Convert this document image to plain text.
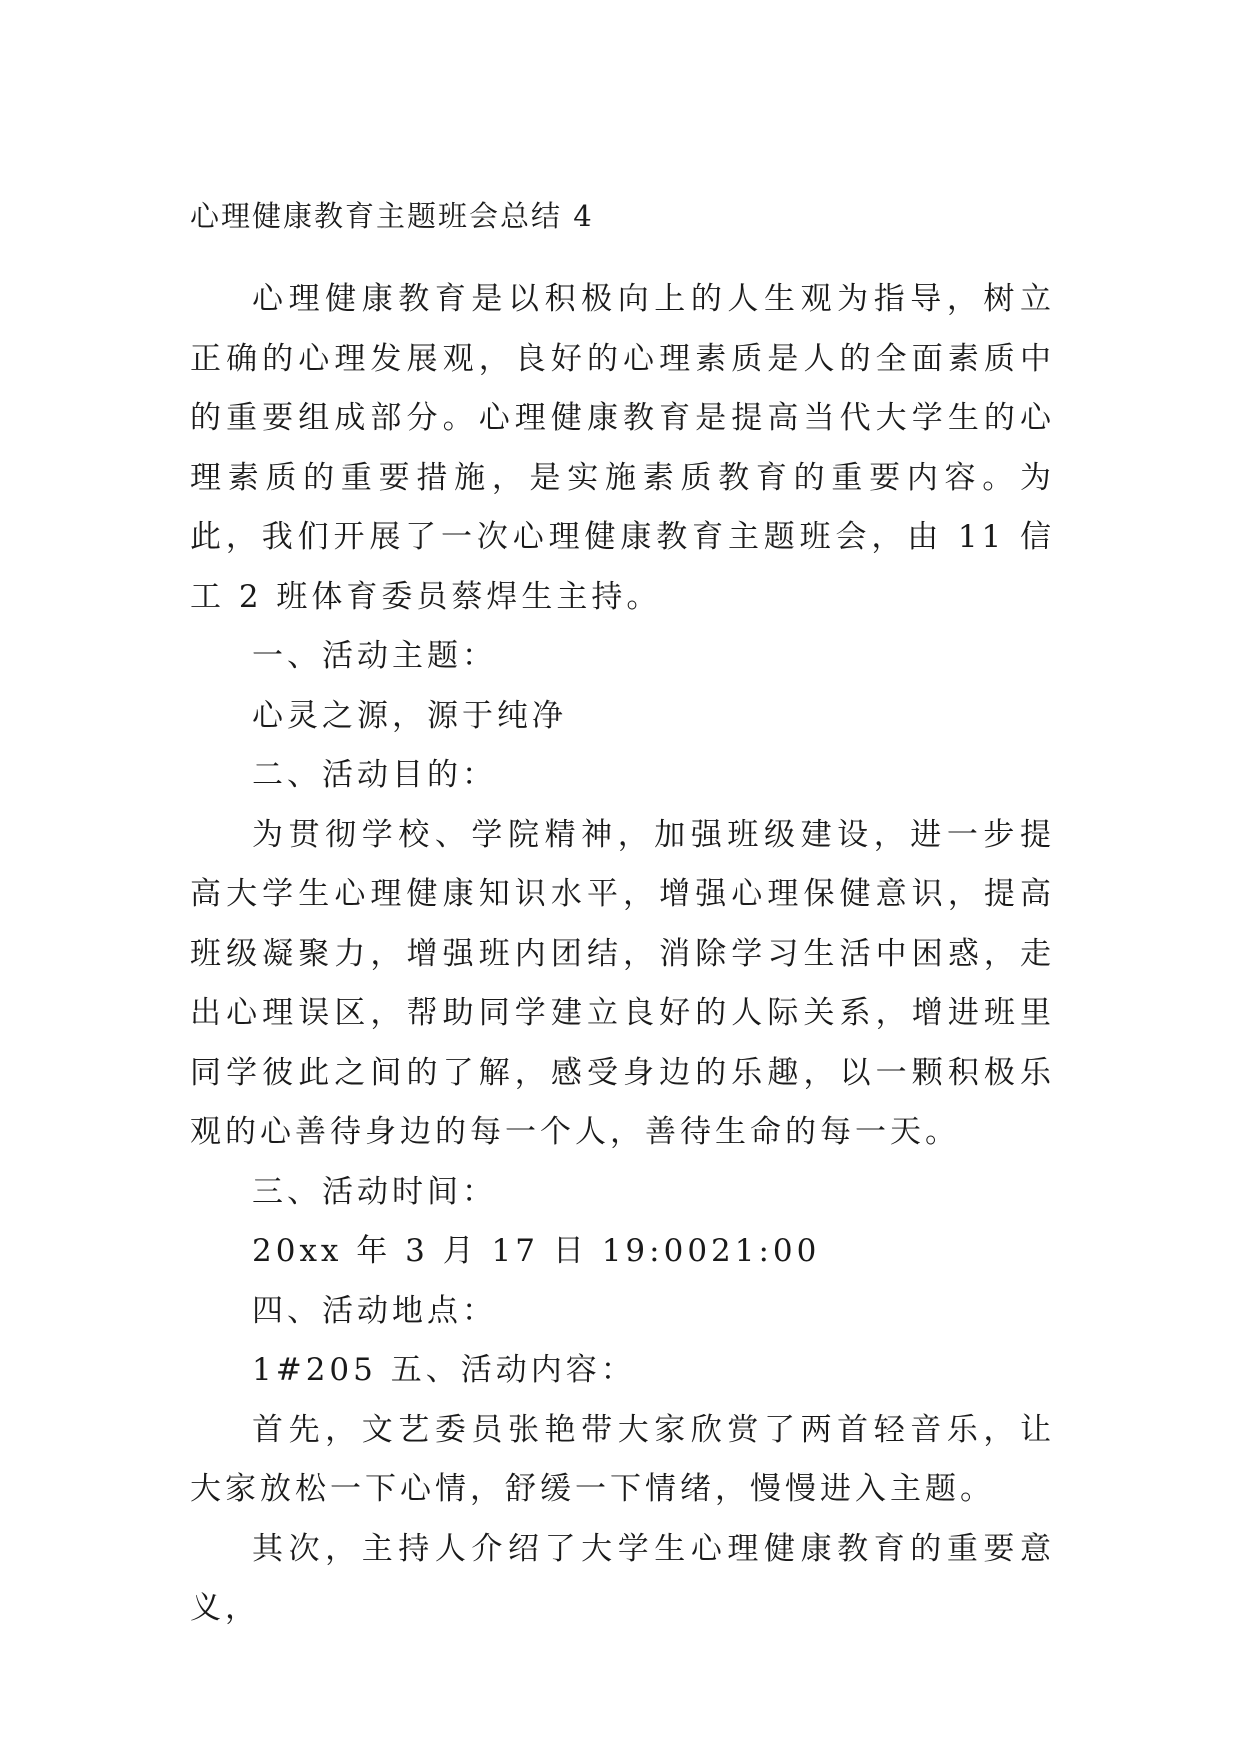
心理健康教育主题班会总结 4

心理健康教育是以积极向上的人生观为指导，树立正确的心理发展观，良好的心理素质是人的全面素质中的重要组成部分。心理健康教育是提高当代大学生的心理素质的重要措施，是实施素质教育的重要内容。为此，我们开展了一次心理健康教育主题班会，由 11 信工 2 班体育委员蔡焊生主持。

一、活动主题：

心灵之源，源于纯净

二、活动目的：

为贯彻学校、学院精神，加强班级建设，进一步提高大学生心理健康知识水平，增强心理保健意识，提高班级凝聚力，增强班内团结，消除学习生活中困惑，走出心理误区，帮助同学建立良好的人际关系，增进班里同学彼此之间的了解，感受身边的乐趣，以一颗积极乐观的心善待身边的每一个人，善待生命的每一天。

三、活动时间：

20xx 年 3 月 17 日 19:0021:00

四、活动地点：

1#205 五、活动内容：

首先，文艺委员张艳带大家欣赏了两首轻音乐，让大家放松一下心情，舒缓一下情绪，慢慢进入主题。

其次，主持人介绍了大学生心理健康教育的重要意义，
